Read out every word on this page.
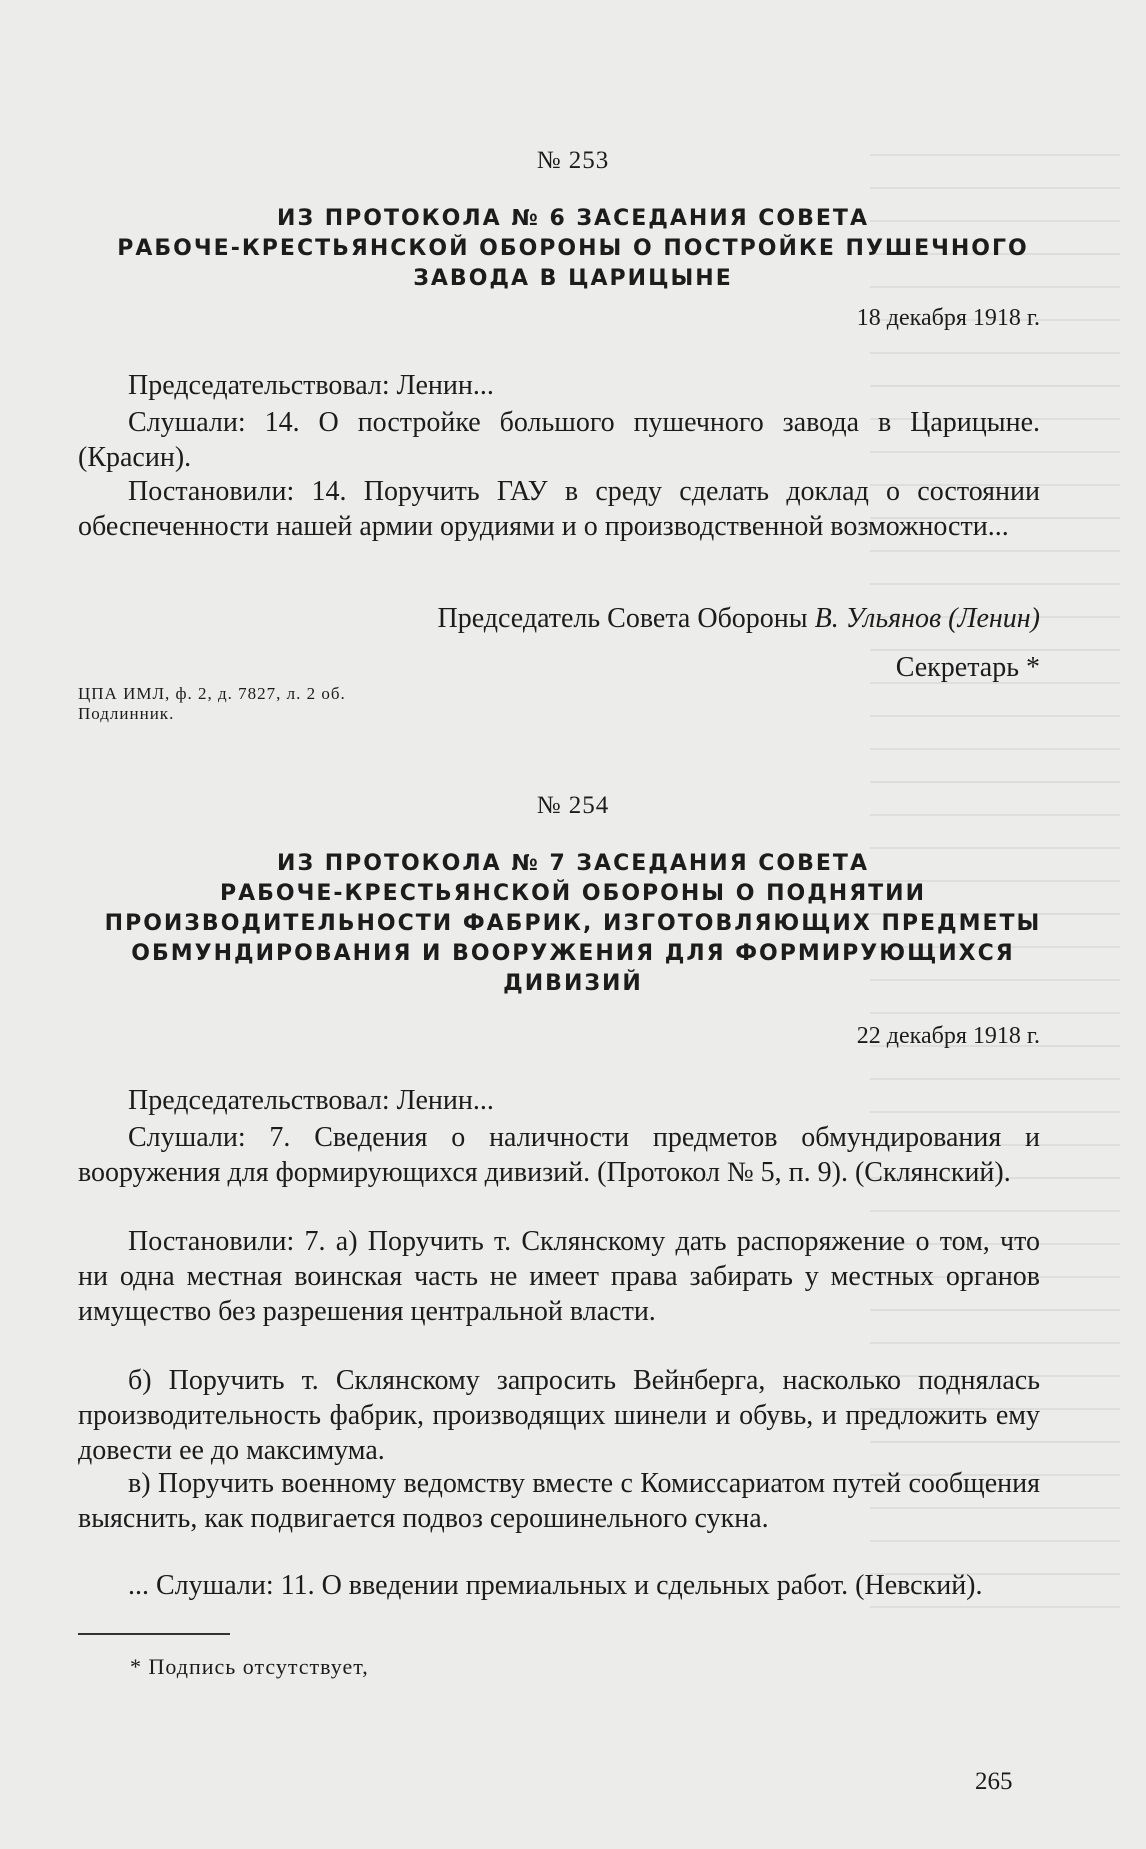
№ 253
ИЗ ПРОТОКОЛА № 6 ЗАСЕДАНИЯ СОВЕТА
РАБОЧЕ-КРЕСТЬЯНСКОЙ ОБОРОНЫ О ПОСТРОЙКЕ ПУШЕЧНОГО
ЗАВОДА В ЦАРИЦЫНЕ
18 декабря 1918 г.

Председательствовал: Ленин...

Слушали: 14. О постройке большого пушечного завода в Царицыне. (Красин).

Постановили: 14. Поручить ГАУ в среду сделать доклад о состоянии обеспеченности нашей армии орудиями и о производственной возможности...

Председатель Совета Обороны В. Ульянов (Ленин)

Секретарь *

ЦПА ИМЛ, ф. 2, д. 7827, л. 2 об.
Подлинник.
№ 254
ИЗ ПРОТОКОЛА № 7 ЗАСЕДАНИЯ СОВЕТА
РАБОЧЕ-КРЕСТЬЯНСКОЙ ОБОРОНЫ О ПОДНЯТИИ
ПРОИЗВОДИТЕЛЬНОСТИ ФАБРИК, ИЗГОТОВЛЯЮЩИХ ПРЕДМЕТЫ
ОБМУНДИРОВАНИЯ И ВООРУЖЕНИЯ ДЛЯ ФОРМИРУЮЩИХСЯ
ДИВИЗИЙ
22 декабря 1918 г.

Председательствовал: Ленин...

Слушали: 7. Сведения о наличности предметов обмундирования и вооружения для формирующихся дивизий. (Протокол № 5, п. 9). (Склянский).

Постановили: 7. а) Поручить т. Склянскому дать распоряжение о том, что ни одна местная воинская часть не имеет права забирать у местных органов имущество без разрешения центральной власти.

б) Поручить т. Склянскому запросить Вейнберга, насколько поднялась производительность фабрик, производящих шинели и обувь, и предложить ему довести ее до максимума.

в) Поручить военному ведомству вместе с Комиссариатом путей сообщения выяснить, как подвигается подвоз серошинельного сукна.

... Слушали: 11. О введении премиальных и сдельных работ. (Невский).

* Подпись отсутствует,
265
